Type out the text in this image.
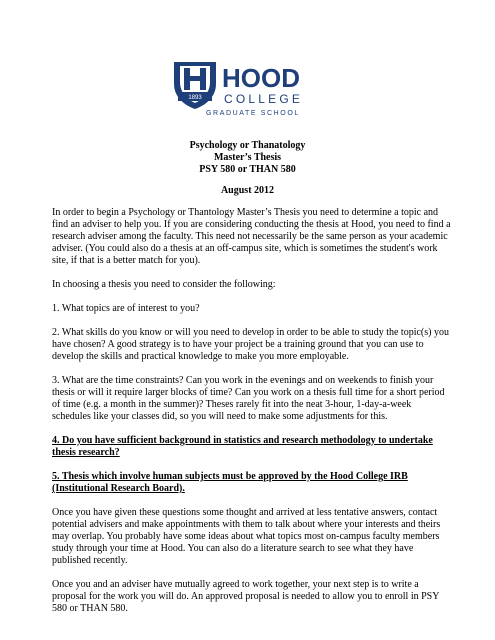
1893
HOOD
COLLEGE
GRADUATE SCHOOL
Psychology or Thanatology
Master’s Thesis
PSY 580 or THAN 580
August 2012

In order to begin a Psychology or Thantology Master’s Thesis you need to determine a topic and find an adviser to help you. If you are considering conducting the thesis at Hood, you need to find a research adviser among the faculty. This need not necessarily be the same person as your academic adviser. (You could also do a thesis at an off-campus site, which is sometimes the student's work site, if that is a better match for you).

In choosing a thesis you need to consider the following:

1. What topics are of interest to you?

2. What skills do you know or will you need to develop in order to be able to study the topic(s) you have chosen? A good strategy is to have your project be a training ground that you can use to develop the skills and practical knowledge to make you more employable.

3. What are the time constraints? Can you work in the evenings and on weekends to finish your thesis or will it require larger blocks of time? Can you work on a thesis full time for a short period of time (e.g. a month in the summer)? Theses rarely fit into the neat 3-hour, 1-day-a-week schedules like your classes did, so you will need to make some adjustments for this.

4. Do you have sufficient background in statistics and research methodology to undertake thesis research?

5. Thesis which involve human subjects must be approved by the Hood College IRB (Institutional Research Board).

Once you have given these questions some thought and arrived at less tentative answers, contact potential advisers and make appointments with them to talk about where your interests and theirs may overlap. You probably have some ideas about what topics most on-campus faculty members study through your time at Hood. You can also do a literature search to see what they have published recently.

Once you and an adviser have mutually agreed to work together, your next step is to write a proposal for the work you will do. An approved proposal is needed to allow you to enroll in PSY 580 or THAN 580.
